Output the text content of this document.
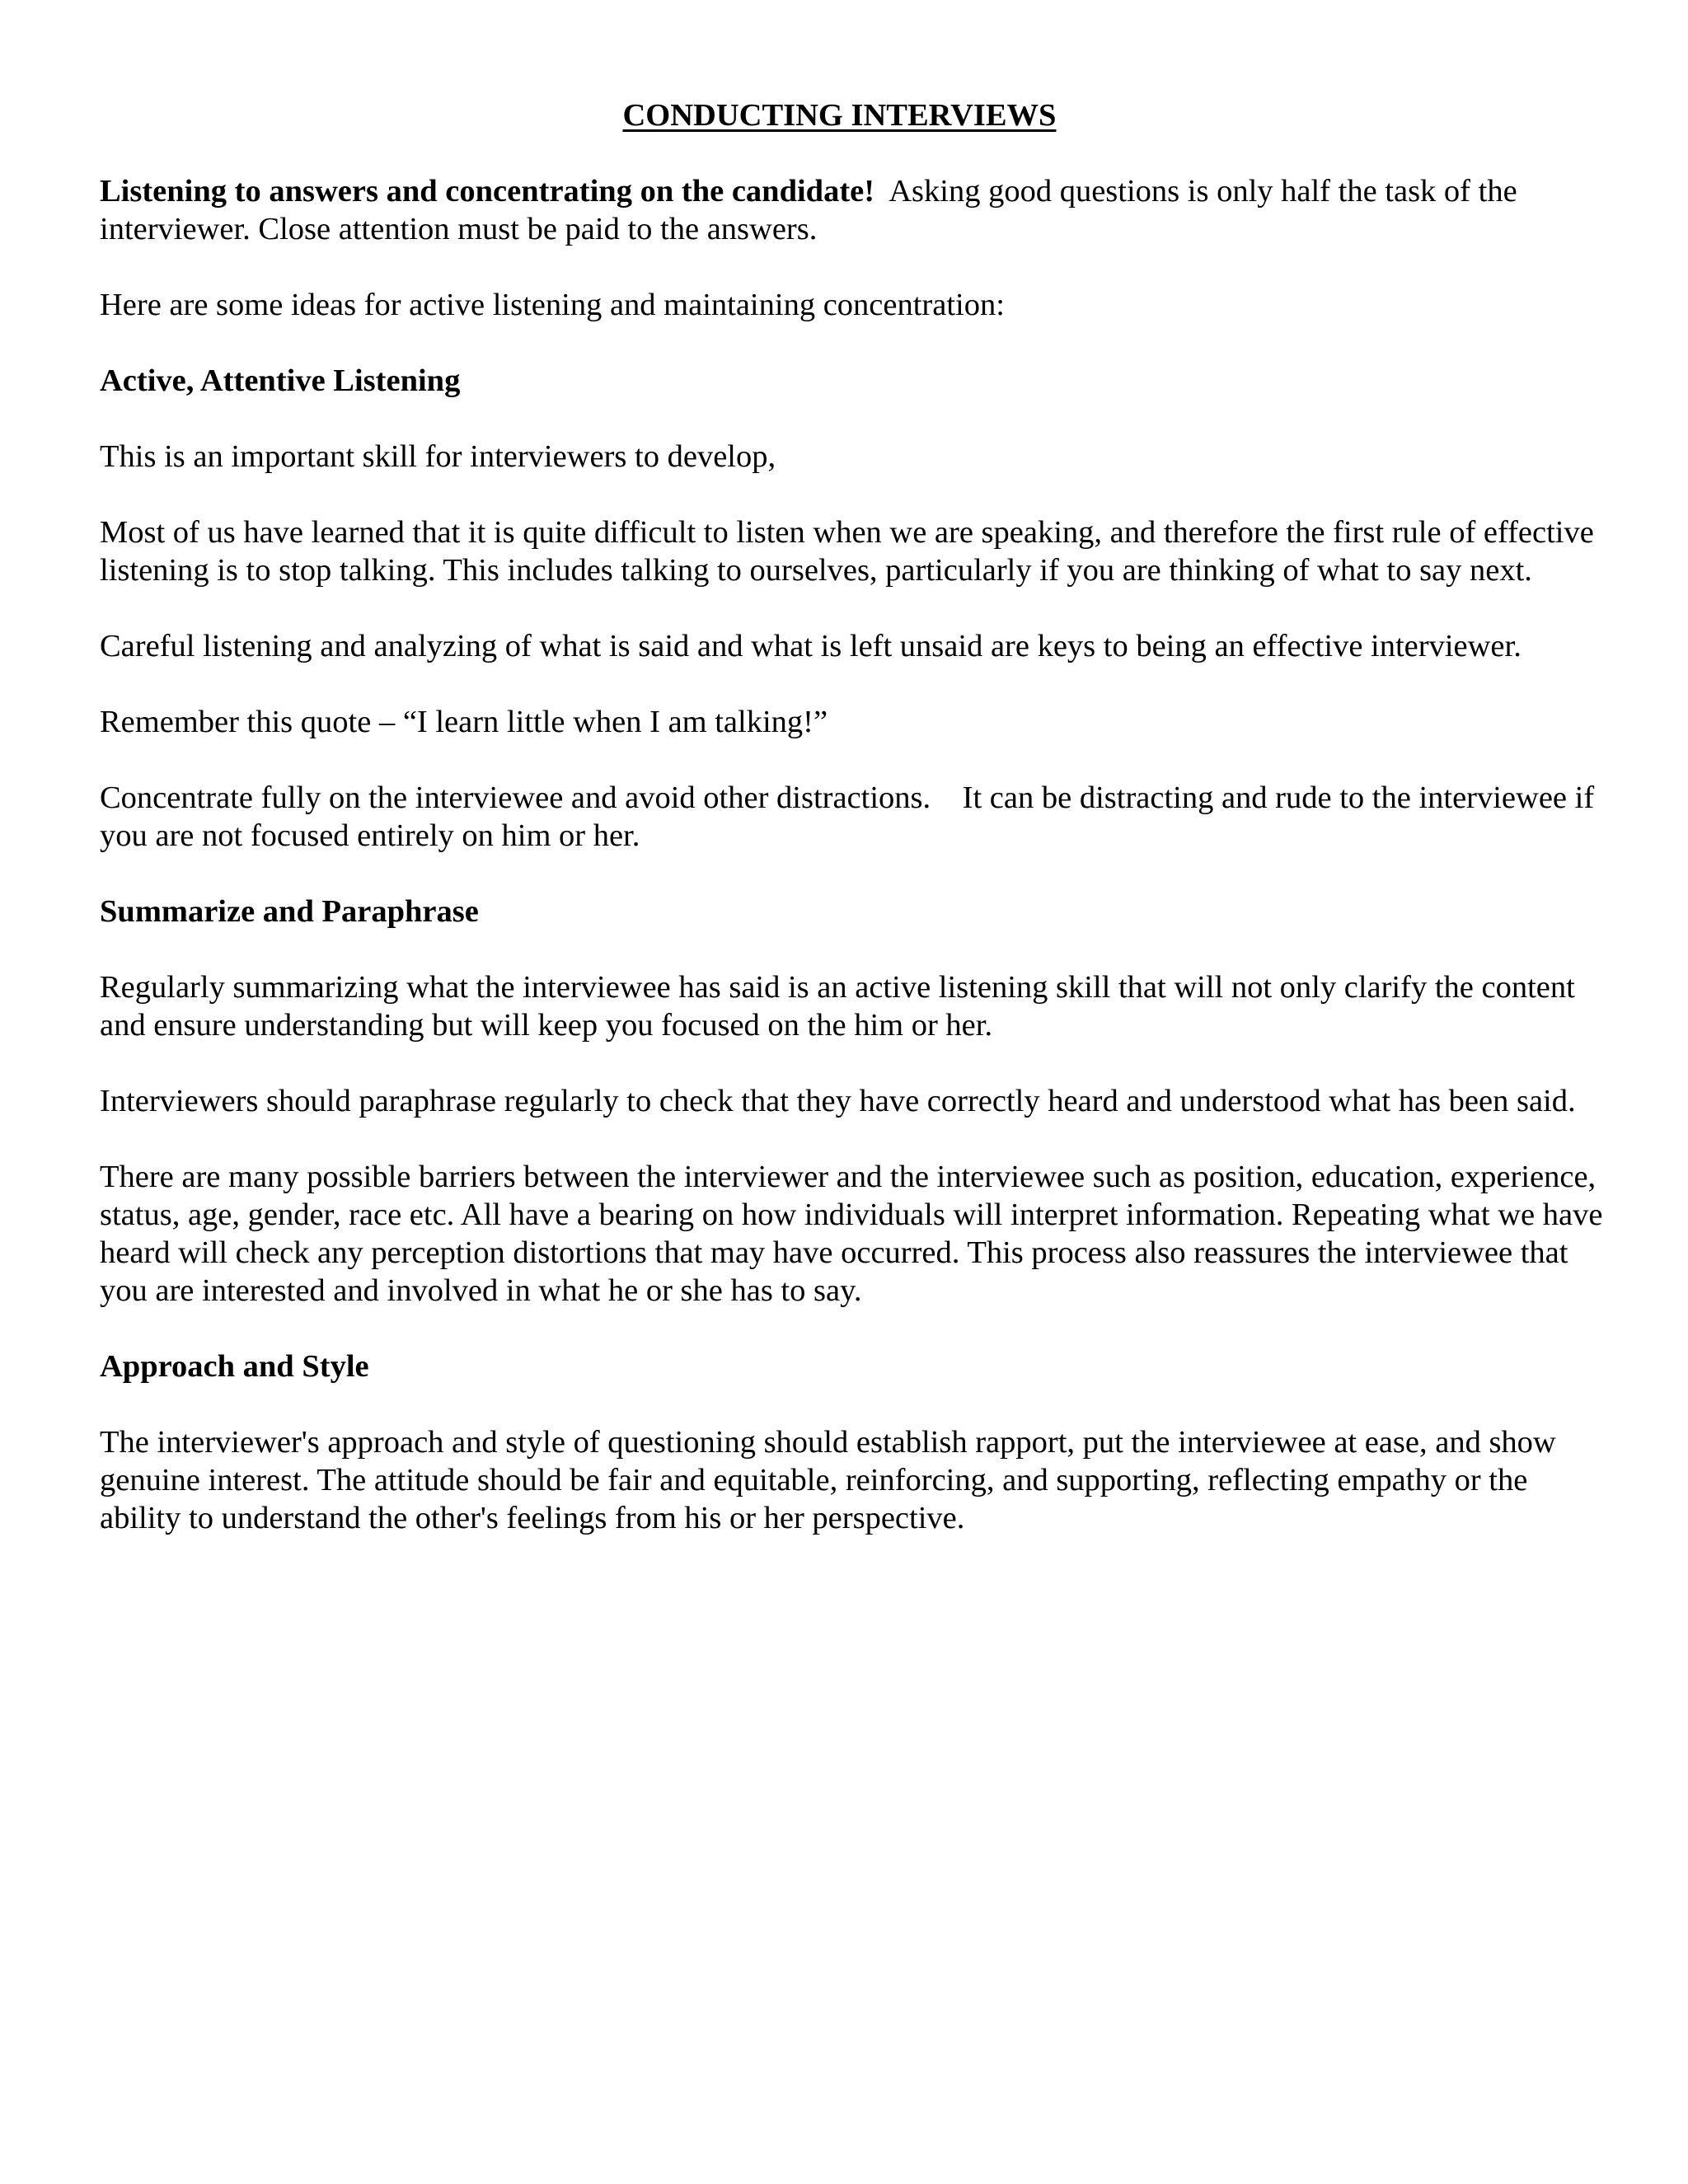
CONDUCTING INTERVIEWS

Listening to answers and concentrating on the candidate! Asking good questions is only half the task of the interviewer. Close attention must be paid to the answers.

Here are some ideas for active listening and maintaining concentration:

Active, Attentive Listening

This is an important skill for interviewers to develop,

Most of us have learned that it is quite difficult to listen when we are speaking, and therefore the first rule of effective listening is to stop talking. This includes talking to ourselves, particularly if you are thinking of what to say next.

Careful listening and analyzing of what is said and what is left unsaid are keys to being an effective interviewer.

Remember this quote – “I learn little when I am talking!”

Concentrate fully on the interviewee and avoid other distractions.    It can be distracting and rude to the interviewee if you are not focused entirely on him or her.

Summarize and Paraphrase

Regularly summarizing what the interviewee has said is an active listening skill that will not only clarify the content and ensure understanding but will keep you focused on the him or her.

Interviewers should paraphrase regularly to check that they have correctly heard and understood what has been said.

There are many possible barriers between the interviewer and the interviewee such as position, education, experience, status, age, gender, race etc. All have a bearing on how individuals will interpret information. Repeating what we have heard will check any perception distortions that may have occurred. This process also reassures the interviewee that you are interested and involved in what he or she has to say.

Approach and Style

The interviewer's approach and style of questioning should establish rapport, put the interviewee at ease, and show genuine interest. The attitude should be fair and equitable, reinforcing, and supporting, reflecting empathy or the ability to understand the other's feelings from his or her perspective.
